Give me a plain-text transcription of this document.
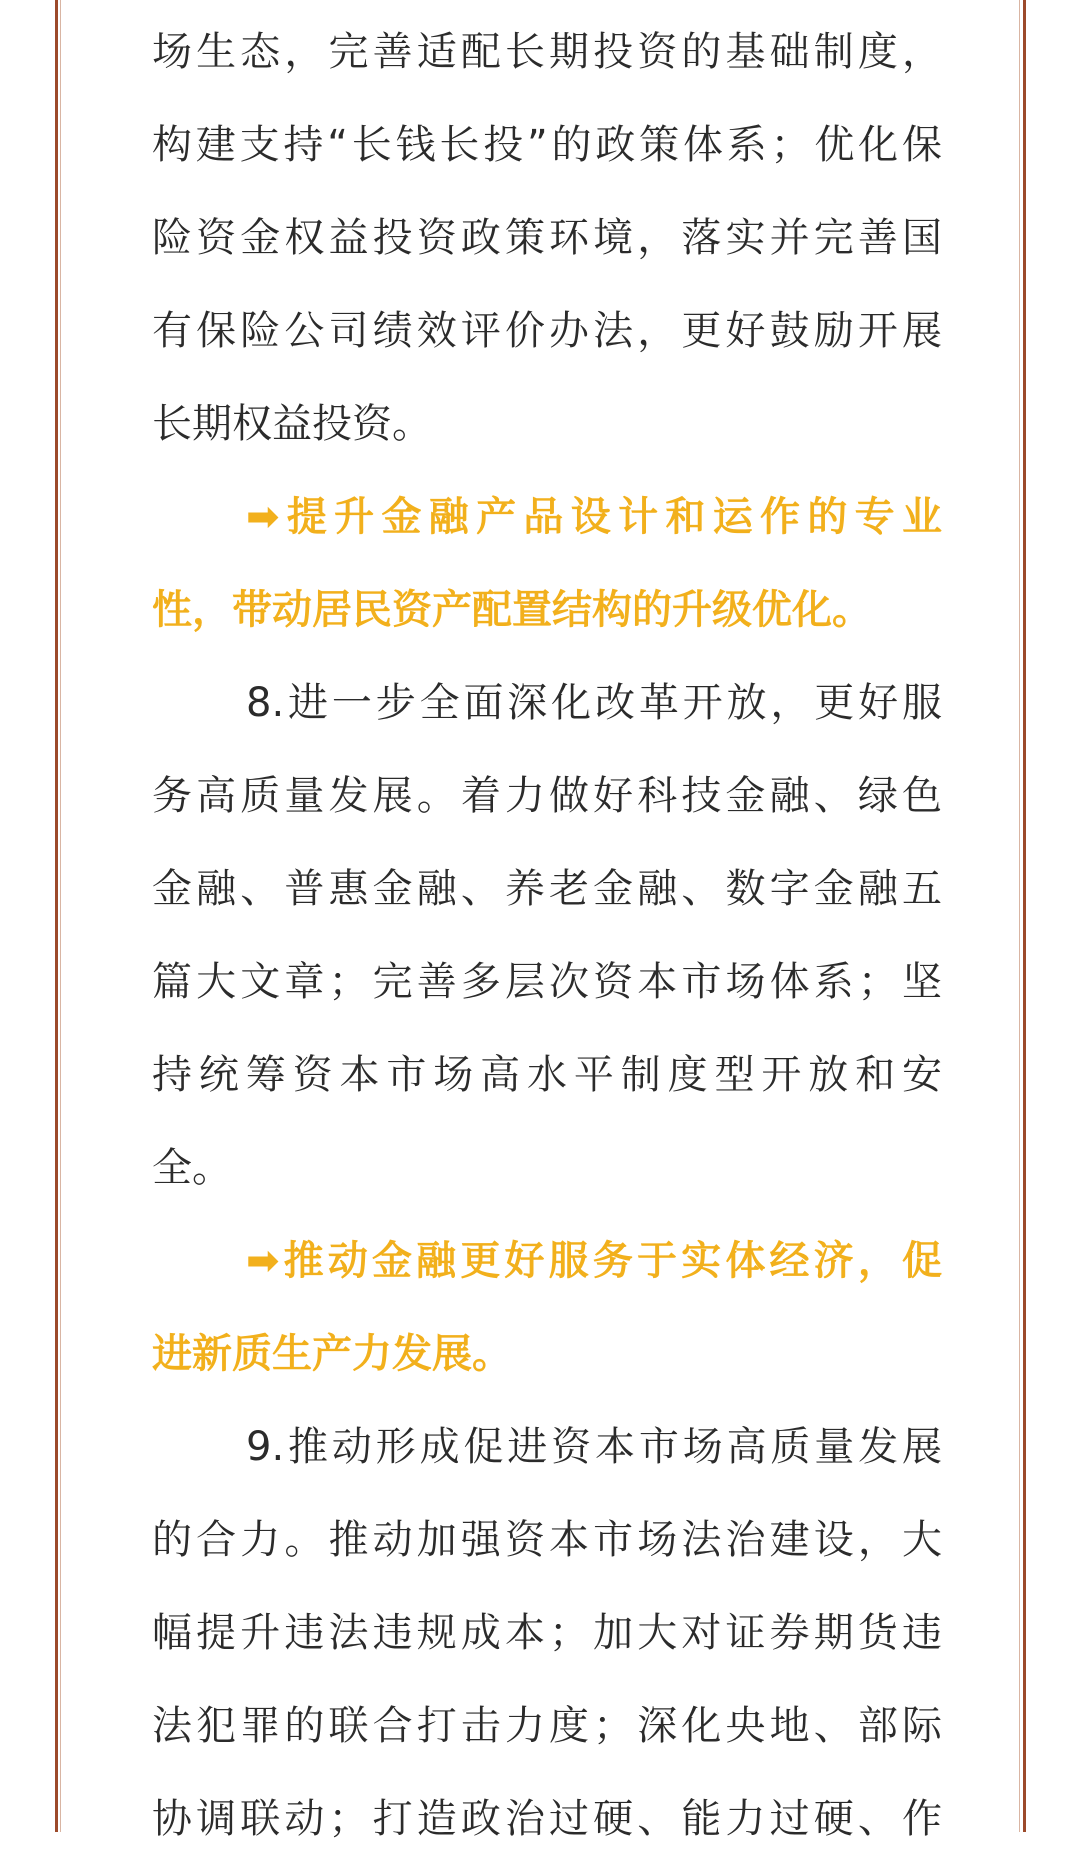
场生态，完善适配长期投资的基础制度，
构建支持“长钱长投”的政策体系；优化保
险资金权益投资政策环境，落实并完善国
有保险公司绩效评价办法，更好鼓励开展
长期权益投资。
➡提升金融产品设计和运作的专业
性，带动居民资产配置结构的升级优化。
8.进一步全面深化改革开放，更好服
务高质量发展。着力做好科技金融、绿色
金融、普惠金融、养老金融、数字金融五
篇大文章；完善多层次资本市场体系；坚
持统筹资本市场高水平制度型开放和安
全。
➡推动金融更好服务于实体经济，促
进新质生产力发展。
9.推动形成促进资本市场高质量发展
的合力。推动加强资本市场法治建设，大
幅提升违法违规成本；加大对证券期货违
法犯罪的联合打击力度；深化央地、部际
协调联动；打造政治过硬、能力过硬、作
